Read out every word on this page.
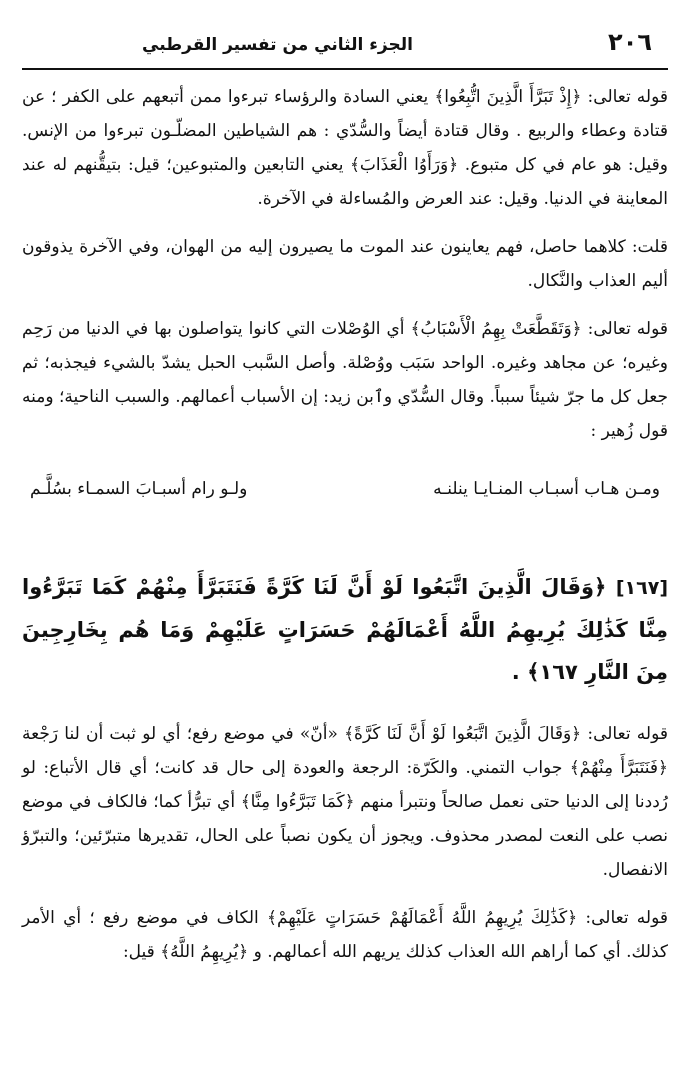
٢٠٦
الجزء الثاني من تفسير القرطبي

قوله تعالى: ﴿إِذْ تَبَرَّأَ الَّذِينَ اتُّبِعُوا﴾ يعني السادة والرؤساء تبرءوا ممن أتبعهم على الكفر ؛ عن قتادة وعطاء والربيع . وقال قتادة أيضاً والسُّدّي : هم الشياطين المضلّـون تبرءوا من الإنس. وقيل: هو عام في كل متبوع. ﴿وَرَأَوُا الْعَذَابَ﴾ يعني التابعين والمتبوعين؛ قيل: بتيقُّنهم له عند المعاينة في الدنيا. وقيل: عند العرض والمُساءلة في الآخرة.

قلت: كلاهما حاصل، فهم يعاينون عند الموت ما يصيرون إليه من الهوان، وفي الآخرة يذوقون أليم العذاب والنَّكال.

قوله تعالى: ﴿وَتَقَطَّعَتْ بِهِمُ الْأَسْبَابُ﴾ أي الوُصْلات التي كانوا يتواصلون بها في الدنيا من رَحِم وغيره؛ عن مجاهد وغيره. الواحد سَبَب ووُصْلة. وأصل السَّبب الحبل يشدّ بالشيء فيجذبه؛ ثم جعل كل ما جرّ شيئاً سبباً. وقال السُّدّي وٱبن زيد: إن الأسباب أعمالهم. والسبب الناحية؛ ومنه قول زُهير :

ومـن هـاب أسبـاب المنـايـا ينلنـه
ولـو رام أسبـابَ السمـاء بسُلَّـم

[١٦٧] ﴿وَقَالَ الَّذِينَ اتَّبَعُوا لَوْ أَنَّ لَنَا كَرَّةً فَنَتَبَرَّأَ مِنْهُمْ كَمَا تَبَرَّءُوا مِنَّا كَذَٰلِكَ يُرِيهِمُ اللَّهُ أَعْمَالَهُمْ حَسَرَاتٍ عَلَيْهِمْ وَمَا هُم بِخَارِجِينَ مِنَ النَّارِ ١٦٧﴾ .

قوله تعالى: ﴿وَقَالَ الَّذِينَ اتَّبَعُوا لَوْ أَنَّ لَنَا كَرَّةً﴾ «أنّ» في موضع رفع؛ أي لو ثبت أن لنا رَجْعة ﴿فَنَتَبَرَّأَ مِنْهُمْ﴾ جواب التمني. والكَرّة: الرجعة والعودة إلى حال قد كانت؛ أي قال الأتباع: لو رُددنا إلى الدنيا حتى نعمل صالحاً ونتبرأ منهم ﴿كَمَا تَبَرَّءُوا مِنَّا﴾ أي تبرُّأ كما؛ فالكاف في موضع نصب على النعت لمصدر محذوف. ويجوز أن يكون نصباً على الحال، تقديرها متبرّئين؛ والتبرّؤ الانفصال.

قوله تعالى: ﴿كَذَٰلِكَ يُرِيهِمُ اللَّهُ أَعْمَالَهُمْ حَسَرَاتٍ عَلَيْهِمْ﴾ الكاف في موضع رفع ؛ أي الأمر كذلك. أي كما أراهم الله العذاب كذلك يريهم الله أعمالهم. و ﴿يُرِيهِمُ اللَّهُ﴾ قيل:
